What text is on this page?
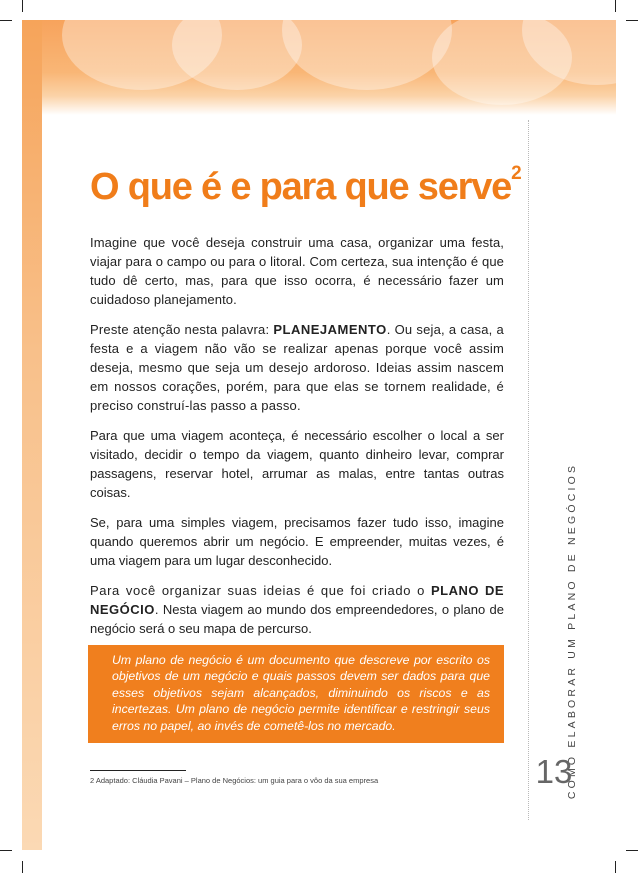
O que é e para que serve$^2$

Imagine que você deseja construir uma casa, organizar uma festa, viajar para o campo ou para o litoral. Com certeza, sua intenção é que tudo dê certo, mas, para que isso ocorra, é necessário fazer um cuidadoso planejamento.

Preste atenção nesta palavra: PLANEJAMENTO. Ou seja, a casa, a festa e a viagem não vão se realizar apenas porque você assim deseja, mesmo que seja um desejo ardoroso. Ideias assim nascem em nossos corações, porém, para que elas se tornem realidade, é preciso construí-las passo a passo.

Para que uma viagem aconteça, é necessário escolher o local a ser visitado, decidir o tempo da viagem, quanto dinheiro levar, comprar passagens, reservar hotel, arrumar as malas, entre tantas outras coisas.

Se, para uma simples viagem, precisamos fazer tudo isso, imagine quando queremos abrir um negócio. E empreender, muitas vezes, é uma viagem para um lugar desconhecido.

Para você organizar suas ideias é que foi criado o PLANO DE NEGÓCIO. Nesta viagem ao mundo dos empreendedores, o plano de negócio será o seu mapa de percurso.

Um plano de negócio é um documento que descreve por escrito os objetivos de um negócio e quais passos devem ser dados para que esses objetivos sejam alcançados, diminuindo os riscos e as incertezas. Um plano de negócio permite identificar e restringir seus erros no papel, ao invés de cometê-los no mercado.
2 Adaptado: Cláudia Pavani – Plano de Negócios: um guia para o vôo da sua empresa	COMO ELABORAR UM PLANO DE NEGÓCIOS
13
